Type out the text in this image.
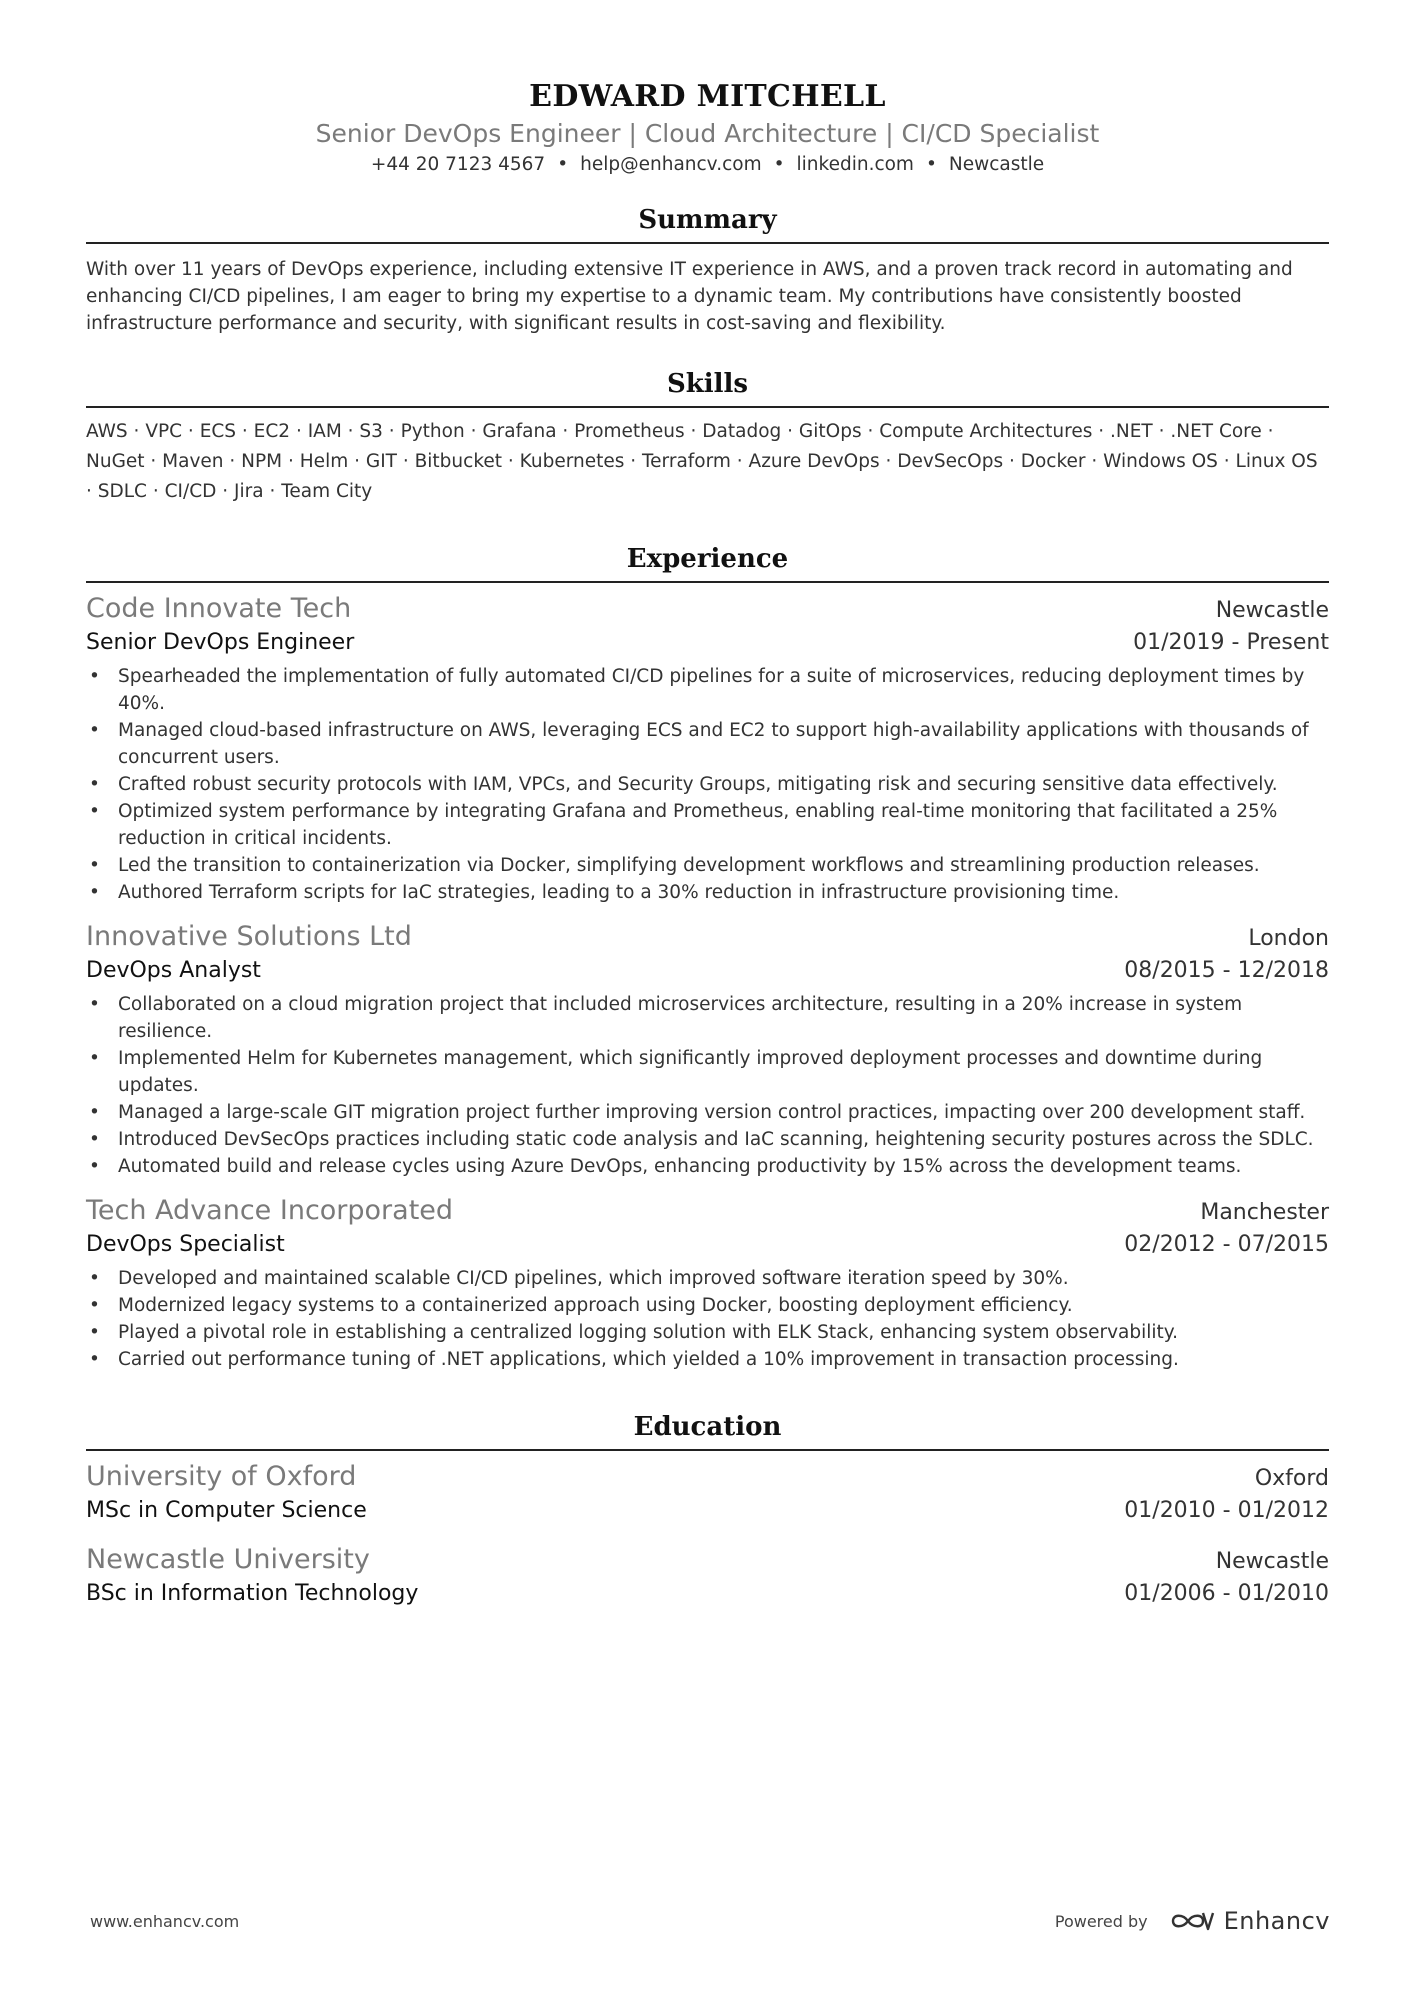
EDWARD MITCHELL
Senior DevOps Engineer | Cloud Architecture | CI/CD Specialist
+44 20 7123 4567 • help@enhancv.com • linkedin.com • Newcastle
Summary
With over 11 years of DevOps experience, including extensive IT experience in AWS, and a proven track record in automating and enhancing CI/CD pipelines, I am eager to bring my expertise to a dynamic team. My contributions have consistently boosted infrastructure performance and security, with significant results in cost-saving and flexibility.
Skills
AWS · VPC · ECS · EC2 · IAM · S3 · Python · Grafana · Prometheus · Datadog · GitOps · Compute Architectures · .NET · .NET Core · NuGet · Maven · NPM · Helm · GIT · Bitbucket · Kubernetes · Terraform · Azure DevOps · DevSecOps · Docker · Windows OS · Linux OS · SDLC · CI/CD · Jira · Team City
Experience
Code Innovate Tech	Newcastle
Senior DevOps Engineer	01/2019 - Present
• Spearheaded the implementation of fully automated CI/CD pipelines for a suite of microservices, reducing deployment times by 40%.
• Managed cloud-based infrastructure on AWS, leveraging ECS and EC2 to support high-availability applications with thousands of concurrent users.
• Crafted robust security protocols with IAM, VPCs, and Security Groups, mitigating risk and securing sensitive data effectively.
• Optimized system performance by integrating Grafana and Prometheus, enabling real-time monitoring that facilitated a 25% reduction in critical incidents.
• Led the transition to containerization via Docker, simplifying development workflows and streamlining production releases.
• Authored Terraform scripts for IaC strategies, leading to a 30% reduction in infrastructure provisioning time.
Innovative Solutions Ltd	London
DevOps Analyst	08/2015 - 12/2018
• Collaborated on a cloud migration project that included microservices architecture, resulting in a 20% increase in system resilience.
• Implemented Helm for Kubernetes management, which significantly improved deployment processes and downtime during updates.
• Managed a large-scale GIT migration project further improving version control practices, impacting over 200 development staff.
• Introduced DevSecOps practices including static code analysis and IaC scanning, heightening security postures across the SDLC.
• Automated build and release cycles using Azure DevOps, enhancing productivity by 15% across the development teams.
Tech Advance Incorporated	Manchester
DevOps Specialist	02/2012 - 07/2015
• Developed and maintained scalable CI/CD pipelines, which improved software iteration speed by 30%.
• Modernized legacy systems to a containerized approach using Docker, boosting deployment efficiency.
• Played a pivotal role in establishing a centralized logging solution with ELK Stack, enhancing system observability.
• Carried out performance tuning of .NET applications, which yielded a 10% improvement in transaction processing.
Education
University of Oxford	Oxford
MSc in Computer Science	01/2010 - 01/2012
Newcastle University	Newcastle
BSc in Information Technology	01/2006 - 01/2010
www.enhancv.com	Powered by	Enhancv
